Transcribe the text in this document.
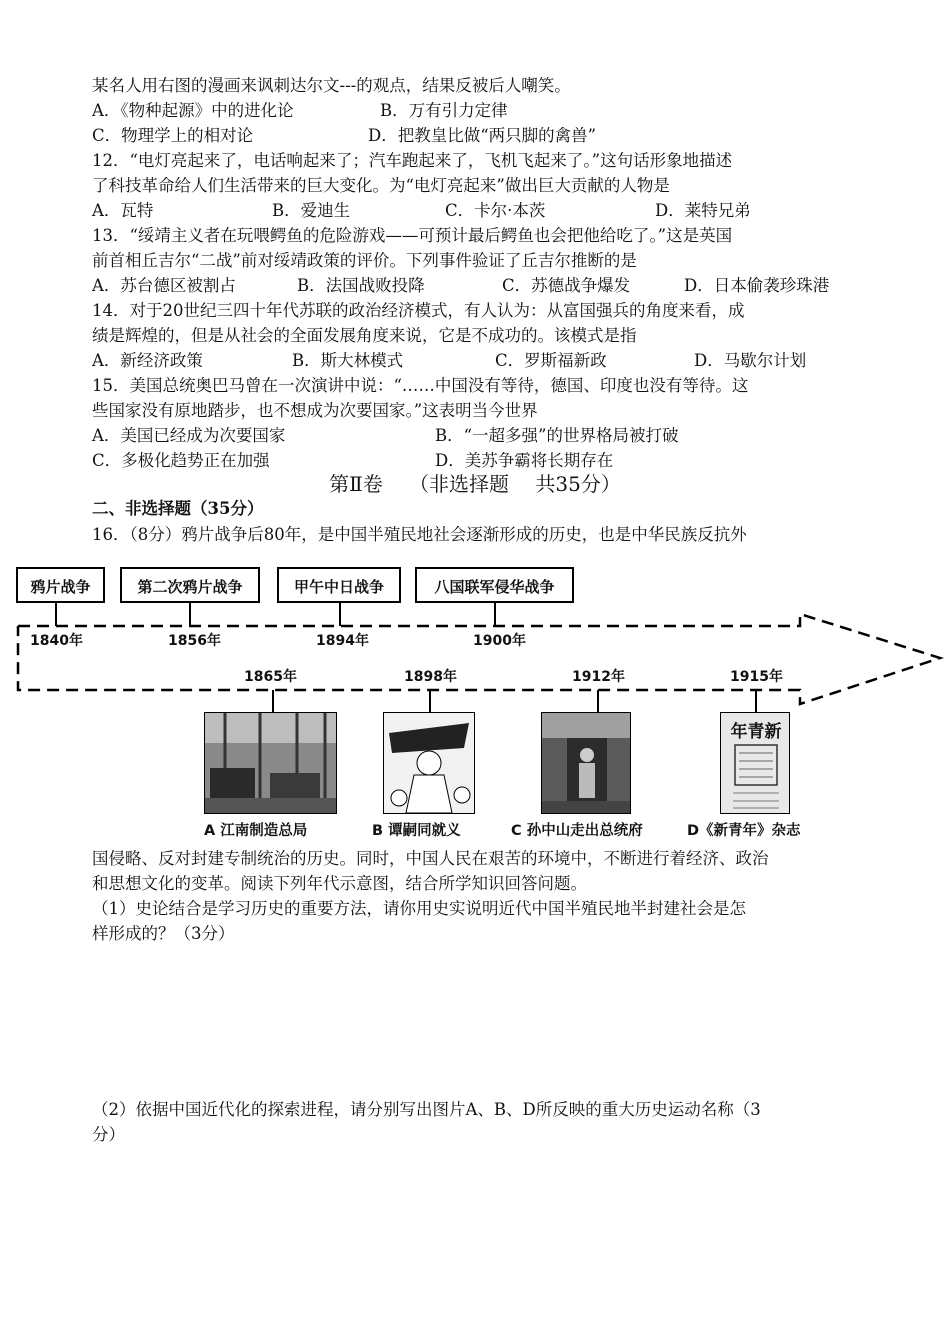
某名人用右图的漫画来讽刺达尔文---的观点，结果反被后人嘲笑。
A．《物种起源》中的进化论	B．万有引力定律
C．物理学上的相对论	D．把教皇比做“两只脚的禽兽”
12．“电灯亮起来了，电话响起来了；汽车跑起来了，飞机飞起来了。”这句话形象地描述
了科技革命给人们生活带来的巨大变化。为“电灯亮起来”做出巨大贡献的人物是
A．瓦特	B．爱迪生	C．卡尔·本茨	D．莱特兄弟
13．“绥靖主义者在玩喂鳄鱼的危险游戏——可预计最后鳄鱼也会把他给吃了。”这是英国
前首相丘吉尔“二战”前对绥靖政策的评价。下列事件验证了丘吉尔推断的是
A．苏台德区被割占	B．法国战败投降	C．苏德战争爆发	D．日本偷袭珍珠港
14．对于20世纪三四十年代苏联的政治经济模式，有人认为：从富国强兵的角度来看，成
绩是辉煌的，但是从社会的全面发展角度来说，它是不成功的。该模式是指
A．新经济政策	B．斯大林模式	C．罗斯福新政	D．马歇尔计划
15．美国总统奥巴马曾在一次演讲中说：“……中国没有等待，德国、印度也没有等待。这
些国家没有原地踏步，也不想成为次要国家。”这表明当今世界
A．美国已经成为次要国家	B．“一超多强”的世界格局被打破
C．多极化趋势正在加强	D．美苏争霸将长期存在
第Ⅱ卷 （非选择题 共35分）
二、非选择题（35分）
16．（8分）鸦片战争后80年，是中国半殖民地社会逐渐形成的历史，也是中华民族反抗外
鸦片战争	第二次鸦片战争	甲午中日战争	八国联军侵华战争
1840年	1856年	1894年	1900年
1865年	1898年	1912年	1915年
新青年
A 江南制造总局	B 谭嗣同就义	C 孙中山走出总统府	D《新青年》杂志
国侵略、反对封建专制统治的历史。同时，中国人民在艰苦的环境中，不断进行着经济、政治
和思想文化的变革。阅读下列年代示意图，结合所学知识回答问题。
（1）史论结合是学习历史的重要方法，请你用史实说明近代中国半殖民地半封建社会是怎
样形成的？（3分）
（2）依据中国近代化的探索进程，请分别写出图片A、B、D所反映的重大历史运动名称（3
分）
